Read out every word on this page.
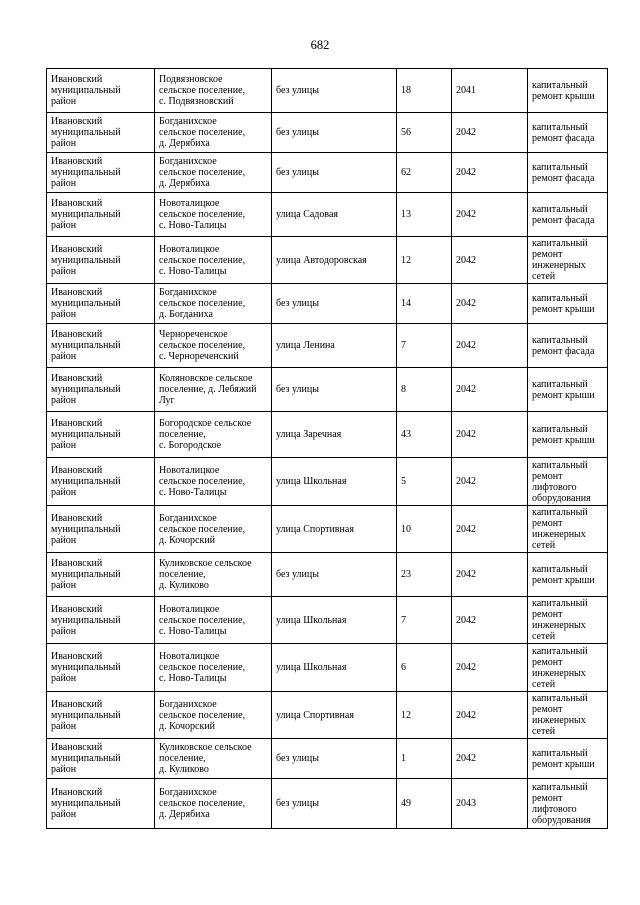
682
Ивановский
муниципальный
район	Подвязновское
сельское поселение,
с. Подвязновский	без улицы	18	2041	капитальный
ремонт крыши
Ивановский
муниципальный
район	Богданихское
сельское поселение,
д. Дерябиха	без улицы	56	2042	капитальный
ремонт фасада
Ивановский
муниципальный
район	Богданихское
сельское поселение,
д. Дерябиха	без улицы	62	2042	капитальный
ремонт фасада
Ивановский
муниципальный
район	Новоталицкое
сельское поселение,
с. Ново-Талицы	улица Садовая	13	2042	капитальный
ремонт фасада
Ивановский
муниципальный
район	Новоталицкое
сельское поселение,
с. Ново-Талицы	улица Автодоровская	12	2042	капитальный
ремонт
инженерных
сетей
Ивановский
муниципальный
район	Богданихское
сельское поселение,
д. Богданиха	без улицы	14	2042	капитальный
ремонт крыши
Ивановский
муниципальный
район	Чернореченское
сельское поселение,
с. Чернореченский	улица Ленина	7	2042	капитальный
ремонт фасада
Ивановский
муниципальный
район	Коляновское сельское
поселение, д. Лебяжий
Луг	без улицы	8	2042	капитальный
ремонт крыши
Ивановский
муниципальный
район	Богородское сельское
поселение,
с. Богородское	улица Заречная	43	2042	капитальный
ремонт крыши
Ивановский
муниципальный
район	Новоталицкое
сельское поселение,
с. Ново-Талицы	улица Школьная	5	2042	капитальный
ремонт
лифтового
оборудования
Ивановский
муниципальный
район	Богданихское
сельское поселение,
д. Кочорский	улица Спортивная	10	2042	капитальный
ремонт
инженерных
сетей
Ивановский
муниципальный
район	Куликовское сельское
поселение,
д. Куликово	без улицы	23	2042	капитальный
ремонт крыши
Ивановский
муниципальный
район	Новоталицкое
сельское поселение,
с. Ново-Талицы	улица Школьная	7	2042	капитальный
ремонт
инженерных
сетей
Ивановский
муниципальный
район	Новоталицкое
сельское поселение,
с. Ново-Талицы	улица Школьная	6	2042	капитальный
ремонт
инженерных
сетей
Ивановский
муниципальный
район	Богданихское
сельское поселение,
д. Кочорский	улица Спортивная	12	2042	капитальный
ремонт
инженерных
сетей
Ивановский
муниципальный
район	Куликовское сельское
поселение,
д. Куликово	без улицы	1	2042	капитальный
ремонт крыши
Ивановский
муниципальный
район	Богданихское
сельское поселение,
д. Дерябиха	без улицы	49	2043	капитальный
ремонт
лифтового
оборудования
